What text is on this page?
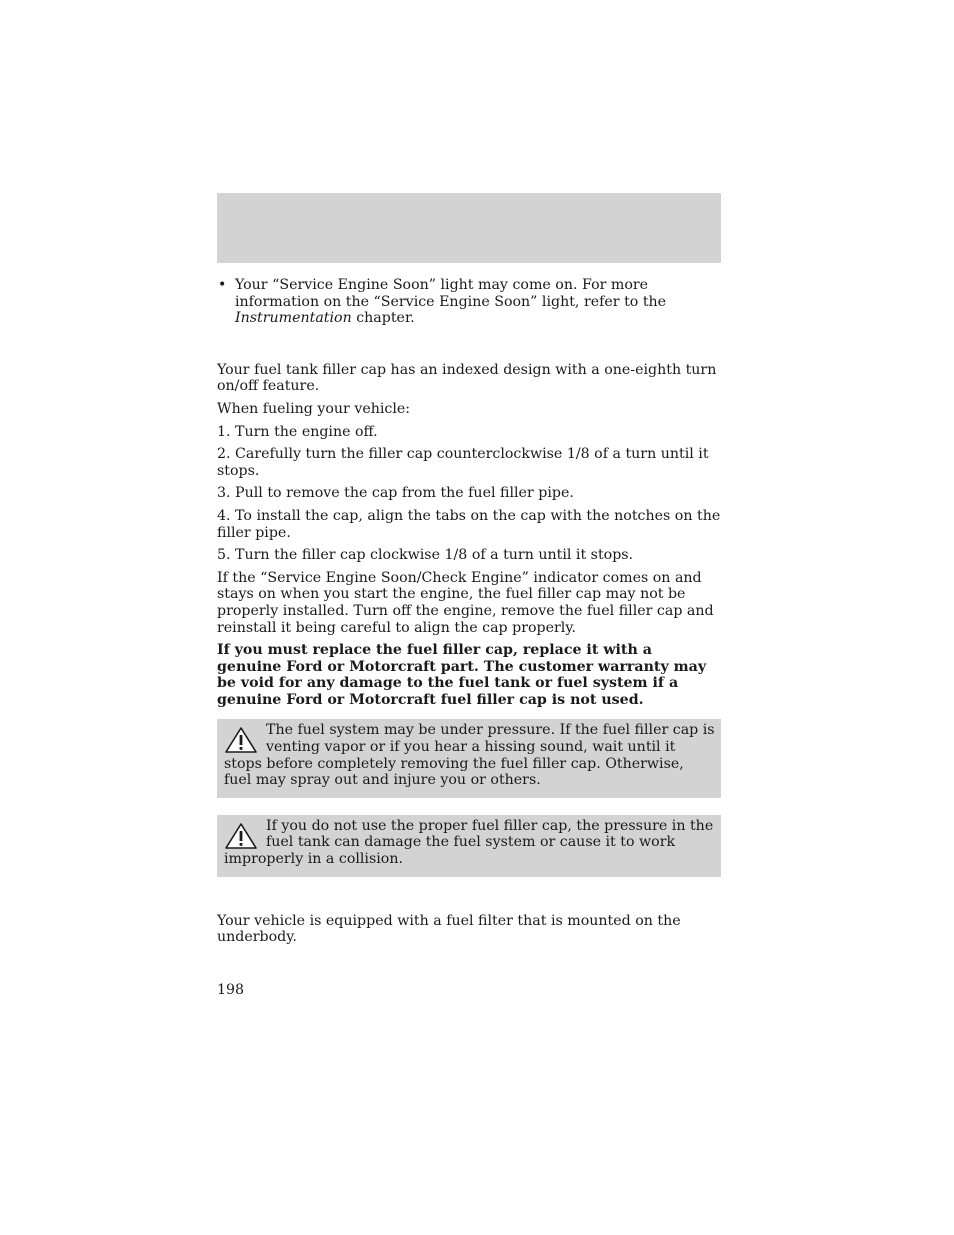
• Your “Service Engine Soon” light may come on. For more information on the “Service Engine Soon” light, refer to the Instrumentation chapter.

Your fuel tank filler cap has an indexed design with a one-eighth turn on/off feature.

When fueling your vehicle:

1. Turn the engine off.

2. Carefully turn the filler cap counterclockwise 1/8 of a turn until it stops.

3. Pull to remove the cap from the fuel filler pipe.

4. To install the cap, align the tabs on the cap with the notches on the filler pipe.

5. Turn the filler cap clockwise 1/8 of a turn until it stops.

If the “Service Engine Soon/Check Engine” indicator comes on and stays on when you start the engine, the fuel filler cap may not be properly installed. Turn off the engine, remove the fuel filler cap and reinstall it being careful to align the cap properly.

If you must replace the fuel filler cap, replace it with a genuine Ford or Motorcraft part. The customer warranty may be void for any damage to the fuel tank or fuel system if a genuine Ford or Motorcraft fuel filler cap is not used.

The fuel system may be under pressure. If the fuel filler cap is venting vapor or if you hear a hissing sound, wait until it stops before completely removing the fuel filler cap. Otherwise, fuel may spray out and injure you or others.
If you do not use the proper fuel filler cap, the pressure in the fuel tank can damage the fuel system or cause it to work improperly in a collision.

Your vehicle is equipped with a fuel filter that is mounted on the underbody.

198
